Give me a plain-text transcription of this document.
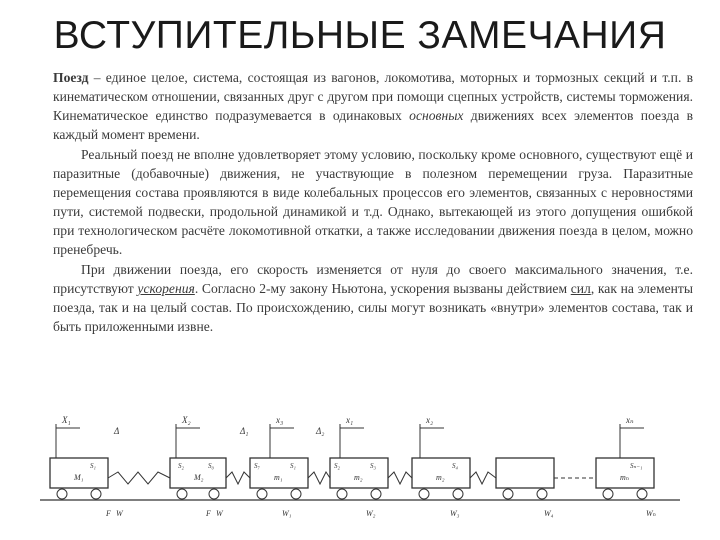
ВСТУПИТЕЛЬНЫЕ ЗАМЕЧАНИЯ

Поезд – единое целое, система, состоящая из вагонов, локомотива, моторных и тормозных секций и т.п. в кинематическом отношении, связанных друг с другом при помощи сцепных устройств, системы торможения. Кинематическое единство подразумевается в одинаковых основных движениях всех элементов поезда в каждый момент времени.

Реальный поезд не вполне удовлетворяет этому условию, поскольку кроме основного, существуют ещё и паразитные (добавочные) движения, не участвующие в полезном перемещении груза. Паразитные перемещения состава проявляются в виде колебальных процессов его элементов, связанных с неровностями пути, системой подвески, продольной динамикой и т.д. Однако, вытекающей из этого допущения ошибкой при технологическом расчёте локомотивной откатки, а также исследовании движения поезда в целом, можно пренебречь.

При движении поезда, его скорость изменяется от нуля до своего максимального значения, т.е. присутствуют ускорения. Согласно 2-му закону Ньютона, ускорения вызваны действием сил, как на элементы поезда, так и на целый состав. По происхождению, силы могут возникать «внутри» элементов состава, так и быть приложенными извне.

X₁	X₂	x₃	x₁	x₂	xₙ
Δ	Δ₁	Δ₂
M₁	M₂	m₁	m₂	m₂	mₙ
S₁	S₂	S₀	S₇	S₁	S₂	S₃	S₄	Sₙ₋₁
F W	F W	W₁	W₂	W₃	W₄	Wₙ
